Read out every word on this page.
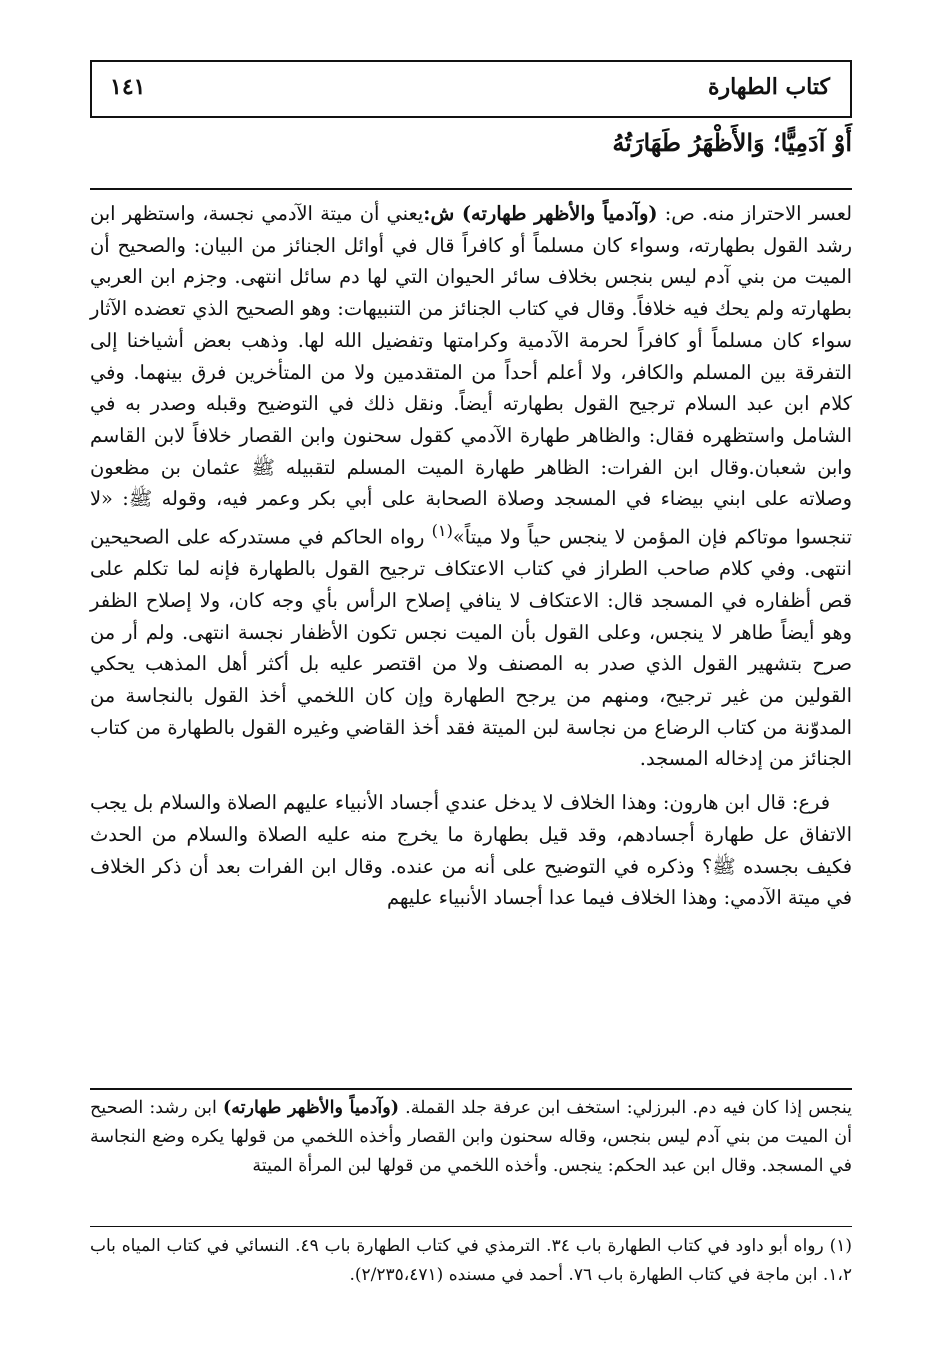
كتاب الطهارة
١٤١
أَوْ آدَمِيًّا؛ وَالأَظْهَرُ طَهَارَتُهُ

لعسر الاحتراز منه. ص: (وآدمياً والأظهر طهارته) ش:يعني أن ميتة الآدمي نجسة، واستظهر ابن رشد القول بطهارته، وسواء كان مسلماً أو كافراً قال في أوائل الجنائز من البيان: والصحيح أن الميت من بني آدم ليس بنجس بخلاف سائر الحيوان التي لها دم سائل انتهى. وجزم ابن العربي بطهارته ولم يحك فيه خلافاً. وقال في كتاب الجنائز من التنبيهات: وهو الصحيح الذي تعضده الآثار سواء كان مسلماً أو كافراً لحرمة الآدمية وكرامتها وتفضيل الله لها. وذهب بعض أشياخنا إلى التفرقة بين المسلم والكافر، ولا أعلم أحداً من المتقدمين ولا من المتأخرين فرق بينهما. وفي كلام ابن عبد السلام ترجيح القول بطهارته أيضاً. ونقل ذلك في التوضيح وقبله وصدر به في الشامل واستظهره فقال: والظاهر طهارة الآدمي كقول سحنون وابن القصار خلافاً لابن القاسم وابن شعبان.وقال ابن الفرات: الظاهر طهارة الميت المسلم لتقبيله ﷺ عثمان بن مظعون وصلاته على ابني بيضاء في المسجد وصلاة الصحابة على أبي بكر وعمر فيه، وقوله ﷺ: «لا تنجسوا موتاكم فإن المؤمن لا ينجس حياً ولا ميتاً»$^{(١)}$ رواه الحاكم في مستدركه على الصحيحين انتهى. وفي كلام صاحب الطراز في كتاب الاعتكاف ترجيح القول بالطهارة فإنه لما تكلم على قص أظفاره في المسجد قال: الاعتكاف لا ينافي إصلاح الرأس بأي وجه كان، ولا إصلاح الظفر وهو أيضاً طاهر لا ينجس، وعلى القول بأن الميت نجس تكون الأظفار نجسة انتهى. ولم أر من صرح بتشهير القول الذي صدر به المصنف ولا من اقتصر عليه بل أكثر أهل المذهب يحكي القولين من غير ترجيح، ومنهم من يرجح الطهارة وإن كان اللخمي أخذ القول بالنجاسة من المدوّنة من كتاب الرضاع من نجاسة لبن الميتة فقد أخذ القاضي وغيره القول بالطهارة من كتاب الجنائز من إدخاله المسجد.

فرع: قال ابن هارون: وهذا الخلاف لا يدخل عندي أجساد الأنبياء عليهم الصلاة والسلام بل يجب الاتفاق عل طهارة أجسادهم، وقد قيل بطهارة ما يخرج منه عليه الصلاة والسلام من الحدث فكيف بجسده ﷺ؟ وذكره في التوضيح على أنه من عنده. وقال ابن الفرات بعد أن ذكر الخلاف في ميتة الآدمي: وهذا الخلاف فيما عدا أجساد الأنبياء عليهم

ينجس إذا كان فيه دم. البرزلي: استخف ابن عرفة جلد القملة. (وآدمياً والأظهر طهارته) ابن رشد: الصحيح أن الميت من بني آدم ليس بنجس، وقاله سحنون وابن القصار وأخذه اللخمي من قولها يكره وضع النجاسة في المسجد. وقال ابن عبد الحكم: ينجس. وأخذه اللخمي من قولها لبن المرأة الميتة

(١) رواه أبو داود في كتاب الطهارة باب ٣٤. الترمذي في كتاب الطهارة باب ٤٩. النسائي في كتاب المياه باب ١،٢. ابن ماجة في كتاب الطهارة باب ٧٦. أحمد في مسنده (٢/٢٣٥،٤٧١).
